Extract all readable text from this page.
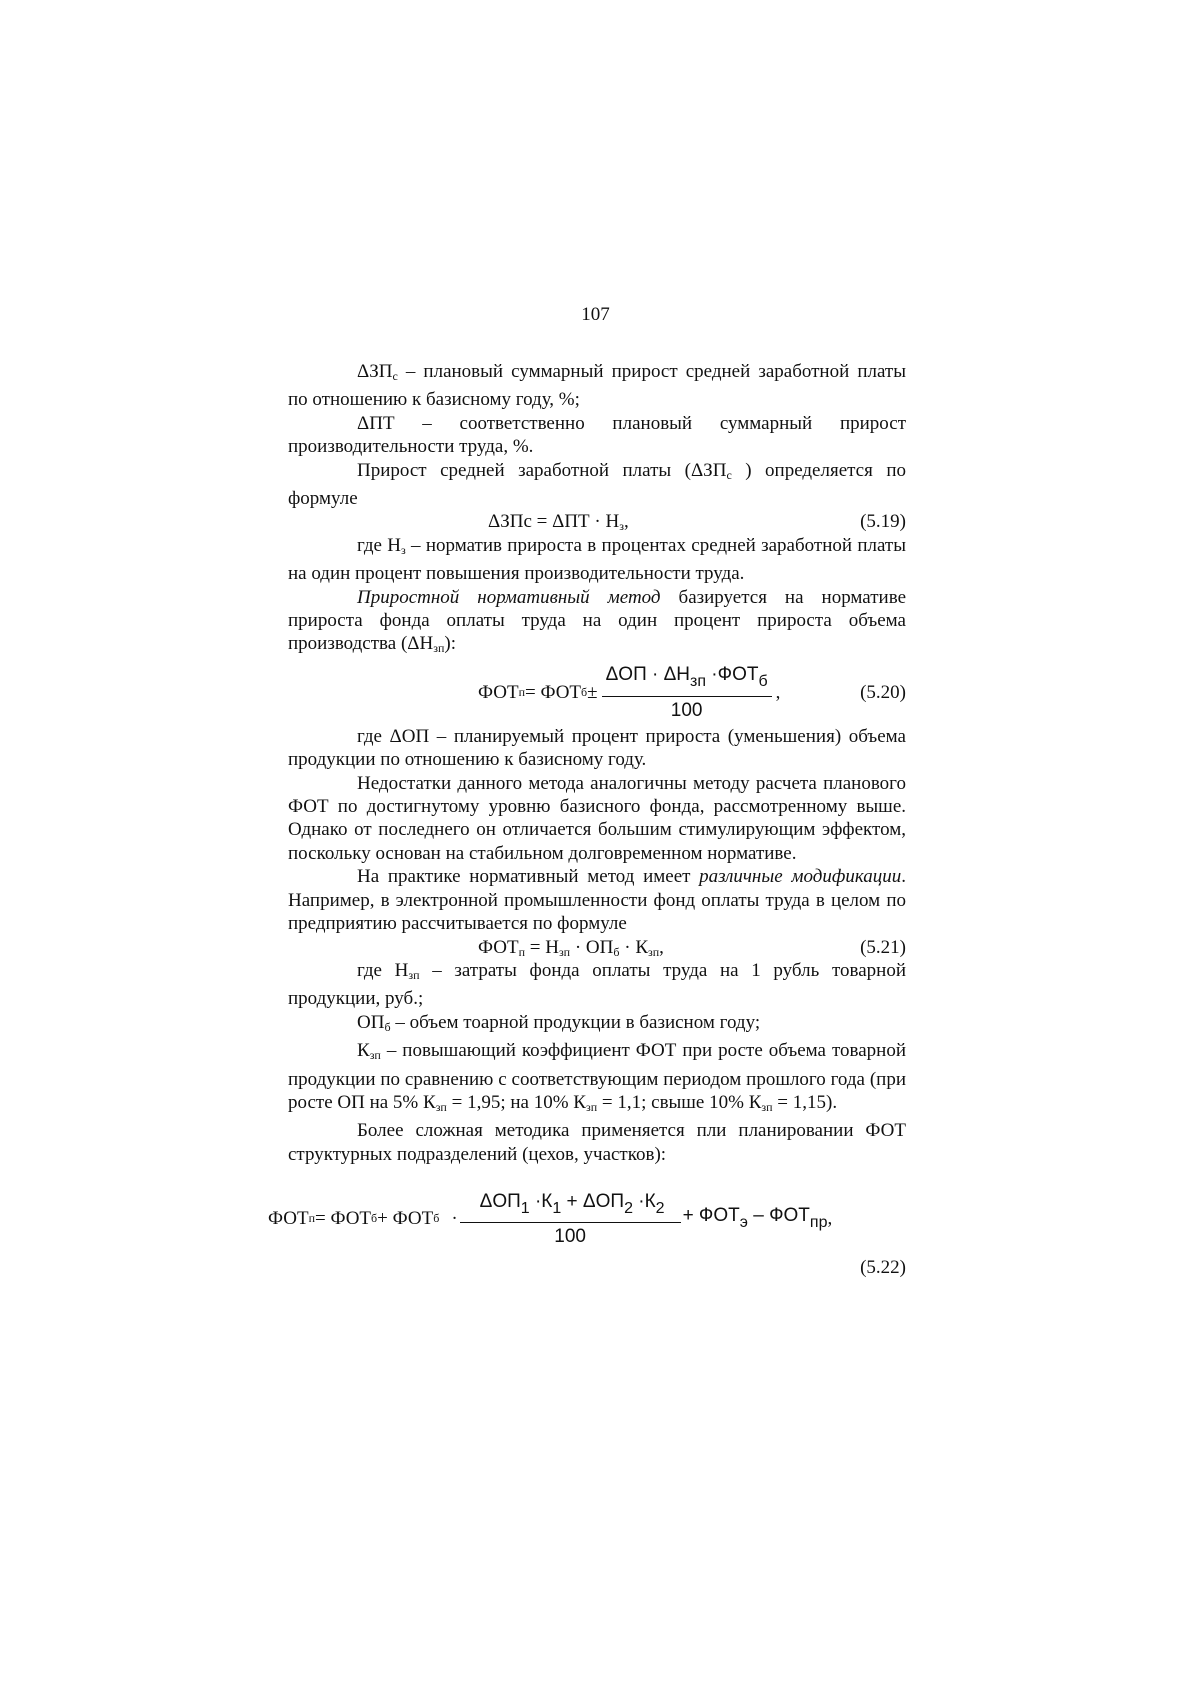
107

$\Delta ЗП_с$ – плановый суммарный прирост средней заработной платы по отношению к базисному году, %;

ΔПТ – соответственно плановый суммарный прирост производительности труда, %.

Прирост средней заработной платы ($\Delta ЗП_с$ ) определяется по формуле

$\Delta ЗПс = \Delta ПТ \cdot Н_з$,	(5.19)

где $Н_з$ – норматив прироста в процентах средней заработной платы на один процент повышения производительности труда.

Приростной нормативный метод базируется на нормативе прироста фонда оплаты труда на один процент прироста объема производства $(\Delta Н_{зп})$:

ФОТ п = ФОТ $б \pm \frac{\Delta ОП \cdot \Delta Н_{зп} \cdot ФОТ_б}{100}$ ,	(5.20)

где ΔОП – планируемый процент прироста (уменьшения) объема продукции по отношению к базисному году.

Недостатки данного метода аналогичны методу расчета планового ФОТ по достигнутому уровню базисного фонда, рассмотренному выше. Однако от последнего он отличается большим стимулирующим эффектом, поскольку основан на стабильном долговременном нормативе.

На практике нормативный метод имеет различные модификации. Например, в электронной промышленности фонд оплаты труда в целом по предприятию рассчитывается по формуле

$ФОТ_п = Н_{зп} \cdot ОП_б \cdot К_{зп}$,	(5.21)

где $Н_{зп}$ – затраты фонда оплаты труда на 1 рубль товарной продукции, руб.;

$ОП_б$ – объем тоарной продукции в базисном году;

$К_{зп}$ – повышающий коэффициент ФОТ при росте объема товарной продукции по сравнению с соответствующим периодом прошлого года (при росте ОП на 5% $К_{зп} = 1,95$; на 10% $К_{зп} = 1,1$; свыше 10% $К_{зп} = 1,15$).

Более сложная методика применяется пли планировании ФОТ структурных подразделений (цехов, участков):

ФОТ п = ФОТ б + ФОТ $б \cdot \frac{\Delta ОП_1 \cdot К_1 + \Delta ОП_2 \cdot К_2}{100} + ФОТ_э - ФОТ_{пр}$ ,
(5.22)
